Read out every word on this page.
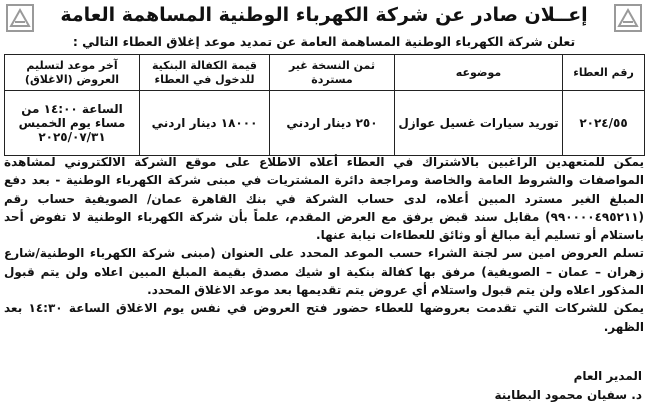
إعــلان صادر عن شركة الكهرباء الوطنية المساهمة العامة
تعلن شركة الكهرباء الوطنية المساهمة العامة عن تمديد موعد إغلاق العطاء التالي :
رقم العطاء	موضوعه	ثمن النسخة غير مستردة	قيمة الكفالة البنكية للدخول في العطاء	آخر موعد لتسليم العروض (الاغلاق)
٢٠٢٤/٥٥	توريد سيارات غسيل عوازل	٢٥٠ دينار اردني	١٨٠٠٠ دينار اردني	الساعة ١٤:٠٠ من مساء يوم الخميس ٢٠٢٥/٠٧/٣١

يمكن للمتعهدين الراغبين بالاشتراك في العطاء أعلاه الاطلاع على موقع الشركة الالكتروني لمشاهدة المواصفات والشروط العامة والخاصة ومراجعة دائرة المشتريات في مبنى شركة الكهرباء الوطنية - بعد دفع المبلغ الغير مسترد المبين أعلاه، لدى حساب الشركة في بنك القاهرة عمان/ الصويفية حساب رقم (٩٩٠٠٠٠٤٩٥٢١١) مقابل سند قبض يرفق مع العرض المقدم، علماً بأن شركة الكهرباء الوطنية لا تفوض أحد باستلام أو تسليم أية مبالغ أو وثائق للعطاءات نيابة عنها.

تسلم العروض امين سر لجنة الشراء حسب الموعد المحدد على العنوان (مبنى شركة الكهرباء الوطنية/شارع زهران – عمان – الصويفية) مرفق بها كفالة بنكية او شيك مصدق بقيمة المبلغ المبين اعلاه ولن يتم قبول المذكور اعلاه ولن يتم قبول واستلام أي عروض يتم تقديمها بعد موعد الاغلاق المحدد.

يمكن للشركات التي تقدمت بعروضها للعطاء حضور فتح العروض في نفس يوم الاغلاق الساعة ١٤:٣٠ بعد الظهر.

المدير العام
د. سفيان محمود البطاينة
